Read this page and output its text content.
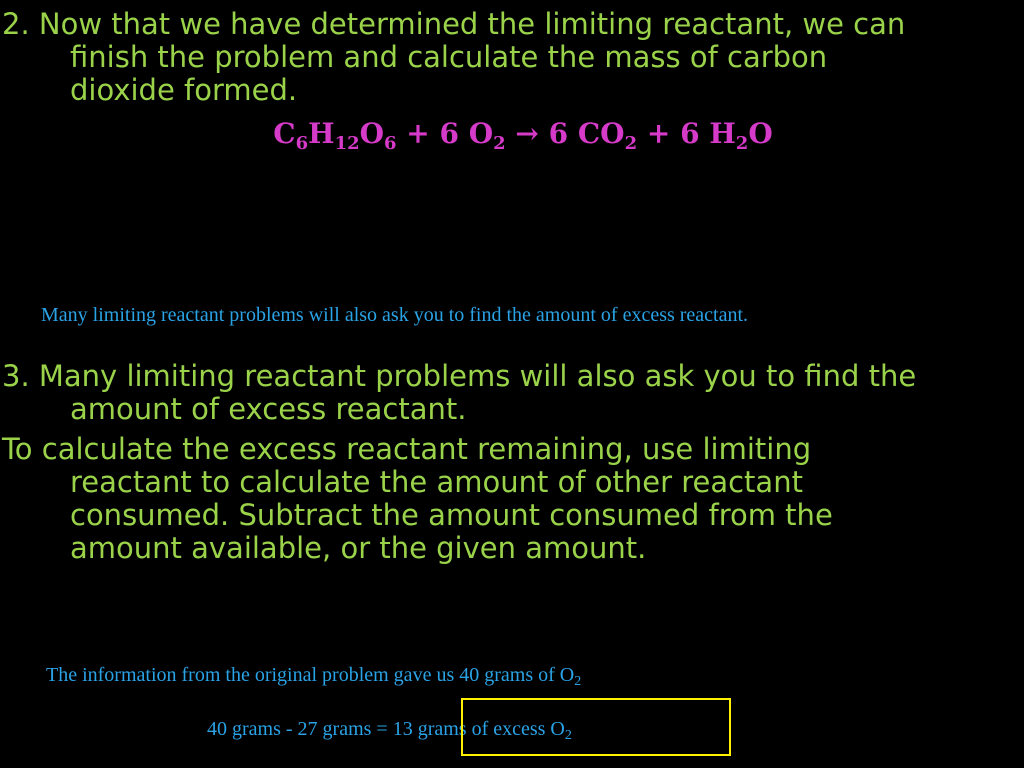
2. Now that we have determined the limiting reactant, we can
finish the problem and calculate the mass of carbon
dioxide formed.

$C_6H_{12}O_6 + 6$ $O_2 \to 6$ $CO_2 + 6$ $H_2O$

Many limiting reactant problems will also ask you to find the amount of excess reactant.

3. Many limiting reactant problems will also ask you to find the
amount of excess reactant.

To calculate the excess reactant remaining, use limiting
reactant to calculate the amount of other reactant
consumed. Subtract the amount consumed from the
amount available, or the given amount.

The information from the original problem gave us 40 grams of $O_2$

40 grams - 27 grams = 13 grams of excess $O_2$
